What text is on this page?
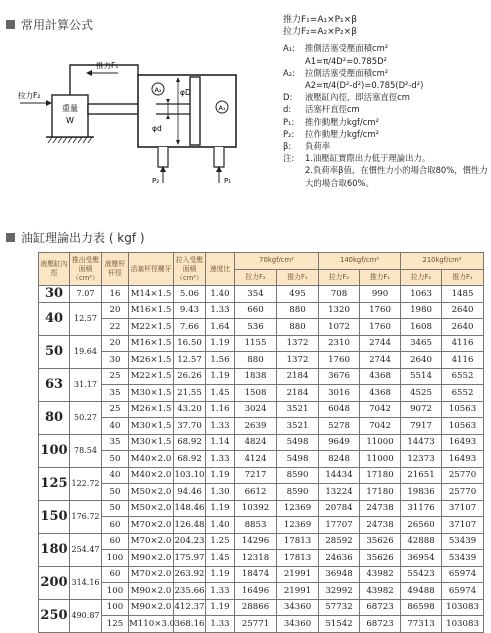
常用計算公式
重量
W
拉力F₂
推力F₁
A₂
A₁
φD
φd
P₂	P₁
推力F₁=A₁×P₁×β
拉力F₂=A₂×P₂×β
A₁:	推側活塞受壓面積cm²
A1=π/4D²=0.785D²
A₂:	拉側活塞受壓面積cm²
A2=π/4(D²-d²)=0.785(D²-d²)
D:	液壓缸內徑，即活塞直徑cm
d:	活塞杆直徑cm
P₁:	推作動壓力kgf/cm²
P₂:	拉作動壓力kgf/cm²
β:	負荷率
注:	1.油壓缸實際出力低于理論出力。
2.負荷率β值，在慣性力小的場合取80%，慣性力大的場合取60%。
油缸理論出力表 ( kgf )
液壓缸內徑	推出受壓面積（cm²）	液壓杆杆徑	活塞杆徑螺牙	拉入受壓面積（cm²）	速度比	70kgf/cm²		140kgf/cm²		210kgf/cm²	
						拉力F₂	推力F₁	拉力F₂	推力F₁	拉力F₂	推力F₁
30	7.07	16	M14×1.5	5.06	1.40	354	495	708	990	1063	1485
40	12.57	20	M16×1.5	9.43	1.33	660	880	1320	1760	1980	2640
		22	M22×1.5	7.66	1.64	536	880	1072	1760	1608	2640
50	19.64	20	M16×1.5	16.50	1.19	1155	1372	2310	2744	3465	4116
		30	M26×1.5	12.57	1.56	880	1372	1760	2744	2640	4116
63	31.17	25	M22×1.5	26.26	1.19	1838	2184	3676	4368	5514	6552
		35	M30×1.5	21.55	1.45	1508	2184	3016	4368	4525	6552
80	50.27	25	M26×1.5	43.20	1.16	3024	3521	6048	7042	9072	10563
		40	M30×1.5	37.70	1.33	2639	3521	5278	7042	7917	10563
100	78.54	35	M30×1.5	68.92	1.14	4824	5498	9649	11000	14473	16493
		50	M40×2.0	68.92	1.33	4124	5498	8248	11000	12373	16493
125	122.72	40	M40×2.0	103.10	1.19	7217	8590	14434	17180	21651	25770
		50	M50×2.0	94.46	1.30	6612	8590	13224	17180	19836	25770
150	176.72	50	M50×2.0	148.46	1.19	10392	12369	20784	24738	31176	37107
		60	M70×2.0	126.48	1.40	8853	12369	17707	24738	26560	37107
180	254.47	60	M70×2.0	204.23	1.25	14296	17813	28592	35626	42888	53439
		100	M90×2.0	175.97	1.45	12318	17813	24636	35626	36954	53439
200	314.16	60	M70×2.0	263.92	1.19	18474	21991	36948	43982	55423	65974
		100	M90×2.0	235.66	1.33	16496	21991	32992	43982	49488	65974
250	490.87	100	M90×2.0	412.37	1.19	28866	34360	57732	68723	86598	103083
		125	M110×3.0	368.16	1.33	25771	34360	51542	68723	77313	103083
